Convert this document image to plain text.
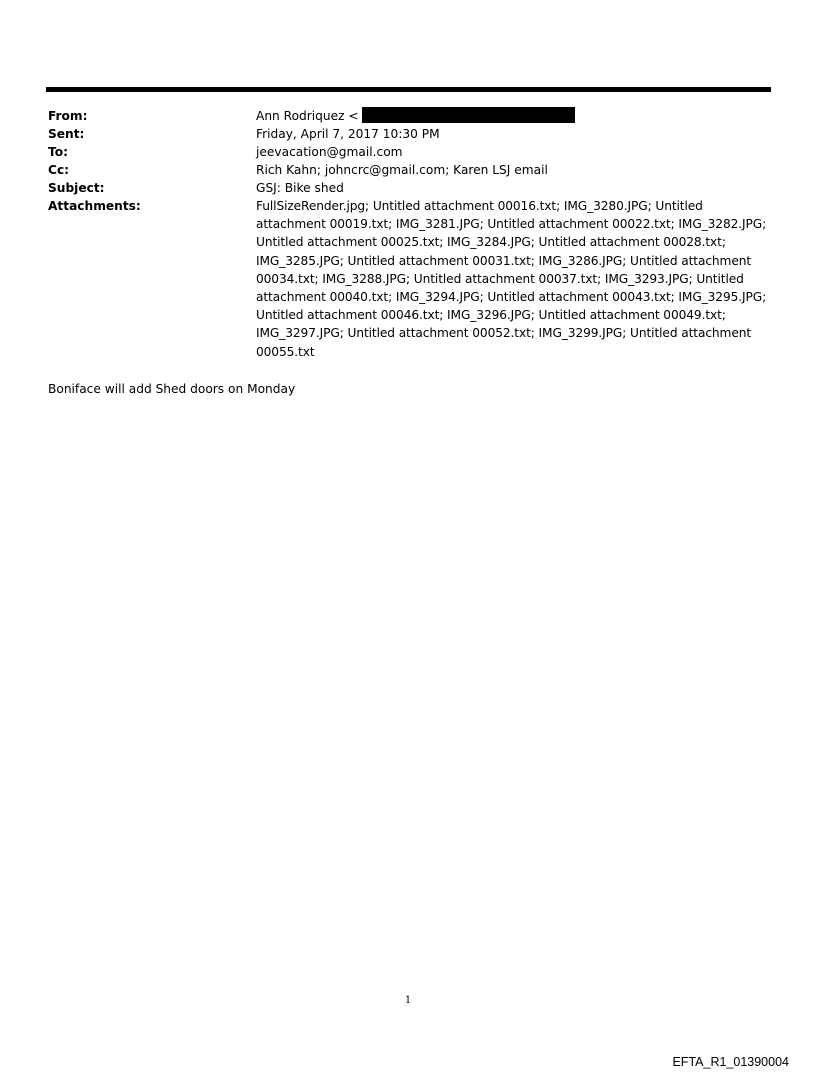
From:	Ann Rodriquez <
Sent:	Friday, April 7, 2017 10:30 PM
To:	jeevacation@gmail.com
Cc:	Rich Kahn; johncrc@gmail.com; Karen LSJ email
Subject:	GSJ: Bike shed
Attachments:	FullSizeRender.jpg; Untitled attachment 00016.txt; IMG_3280.JPG; Untitled attachment 00019.txt; IMG_3281.JPG; Untitled attachment 00022.txt; IMG_3282.JPG; Untitled attachment 00025.txt; IMG_3284.JPG; Untitled attachment 00028.txt; IMG_3285.JPG; Untitled attachment 00031.txt; IMG_3286.JPG; Untitled attachment 00034.txt; IMG_3288.JPG; Untitled attachment 00037.txt; IMG_3293.JPG; Untitled attachment 00040.txt; IMG_3294.JPG; Untitled attachment 00043.txt; IMG_3295.JPG; Untitled attachment 00046.txt; IMG_3296.JPG; Untitled attachment 00049.txt; IMG_3297.JPG; Untitled attachment 00052.txt; IMG_3299.JPG; Untitled attachment 00055.txt
Boniface will add Shed doors on Monday
1
EFTA_R1_01390004
